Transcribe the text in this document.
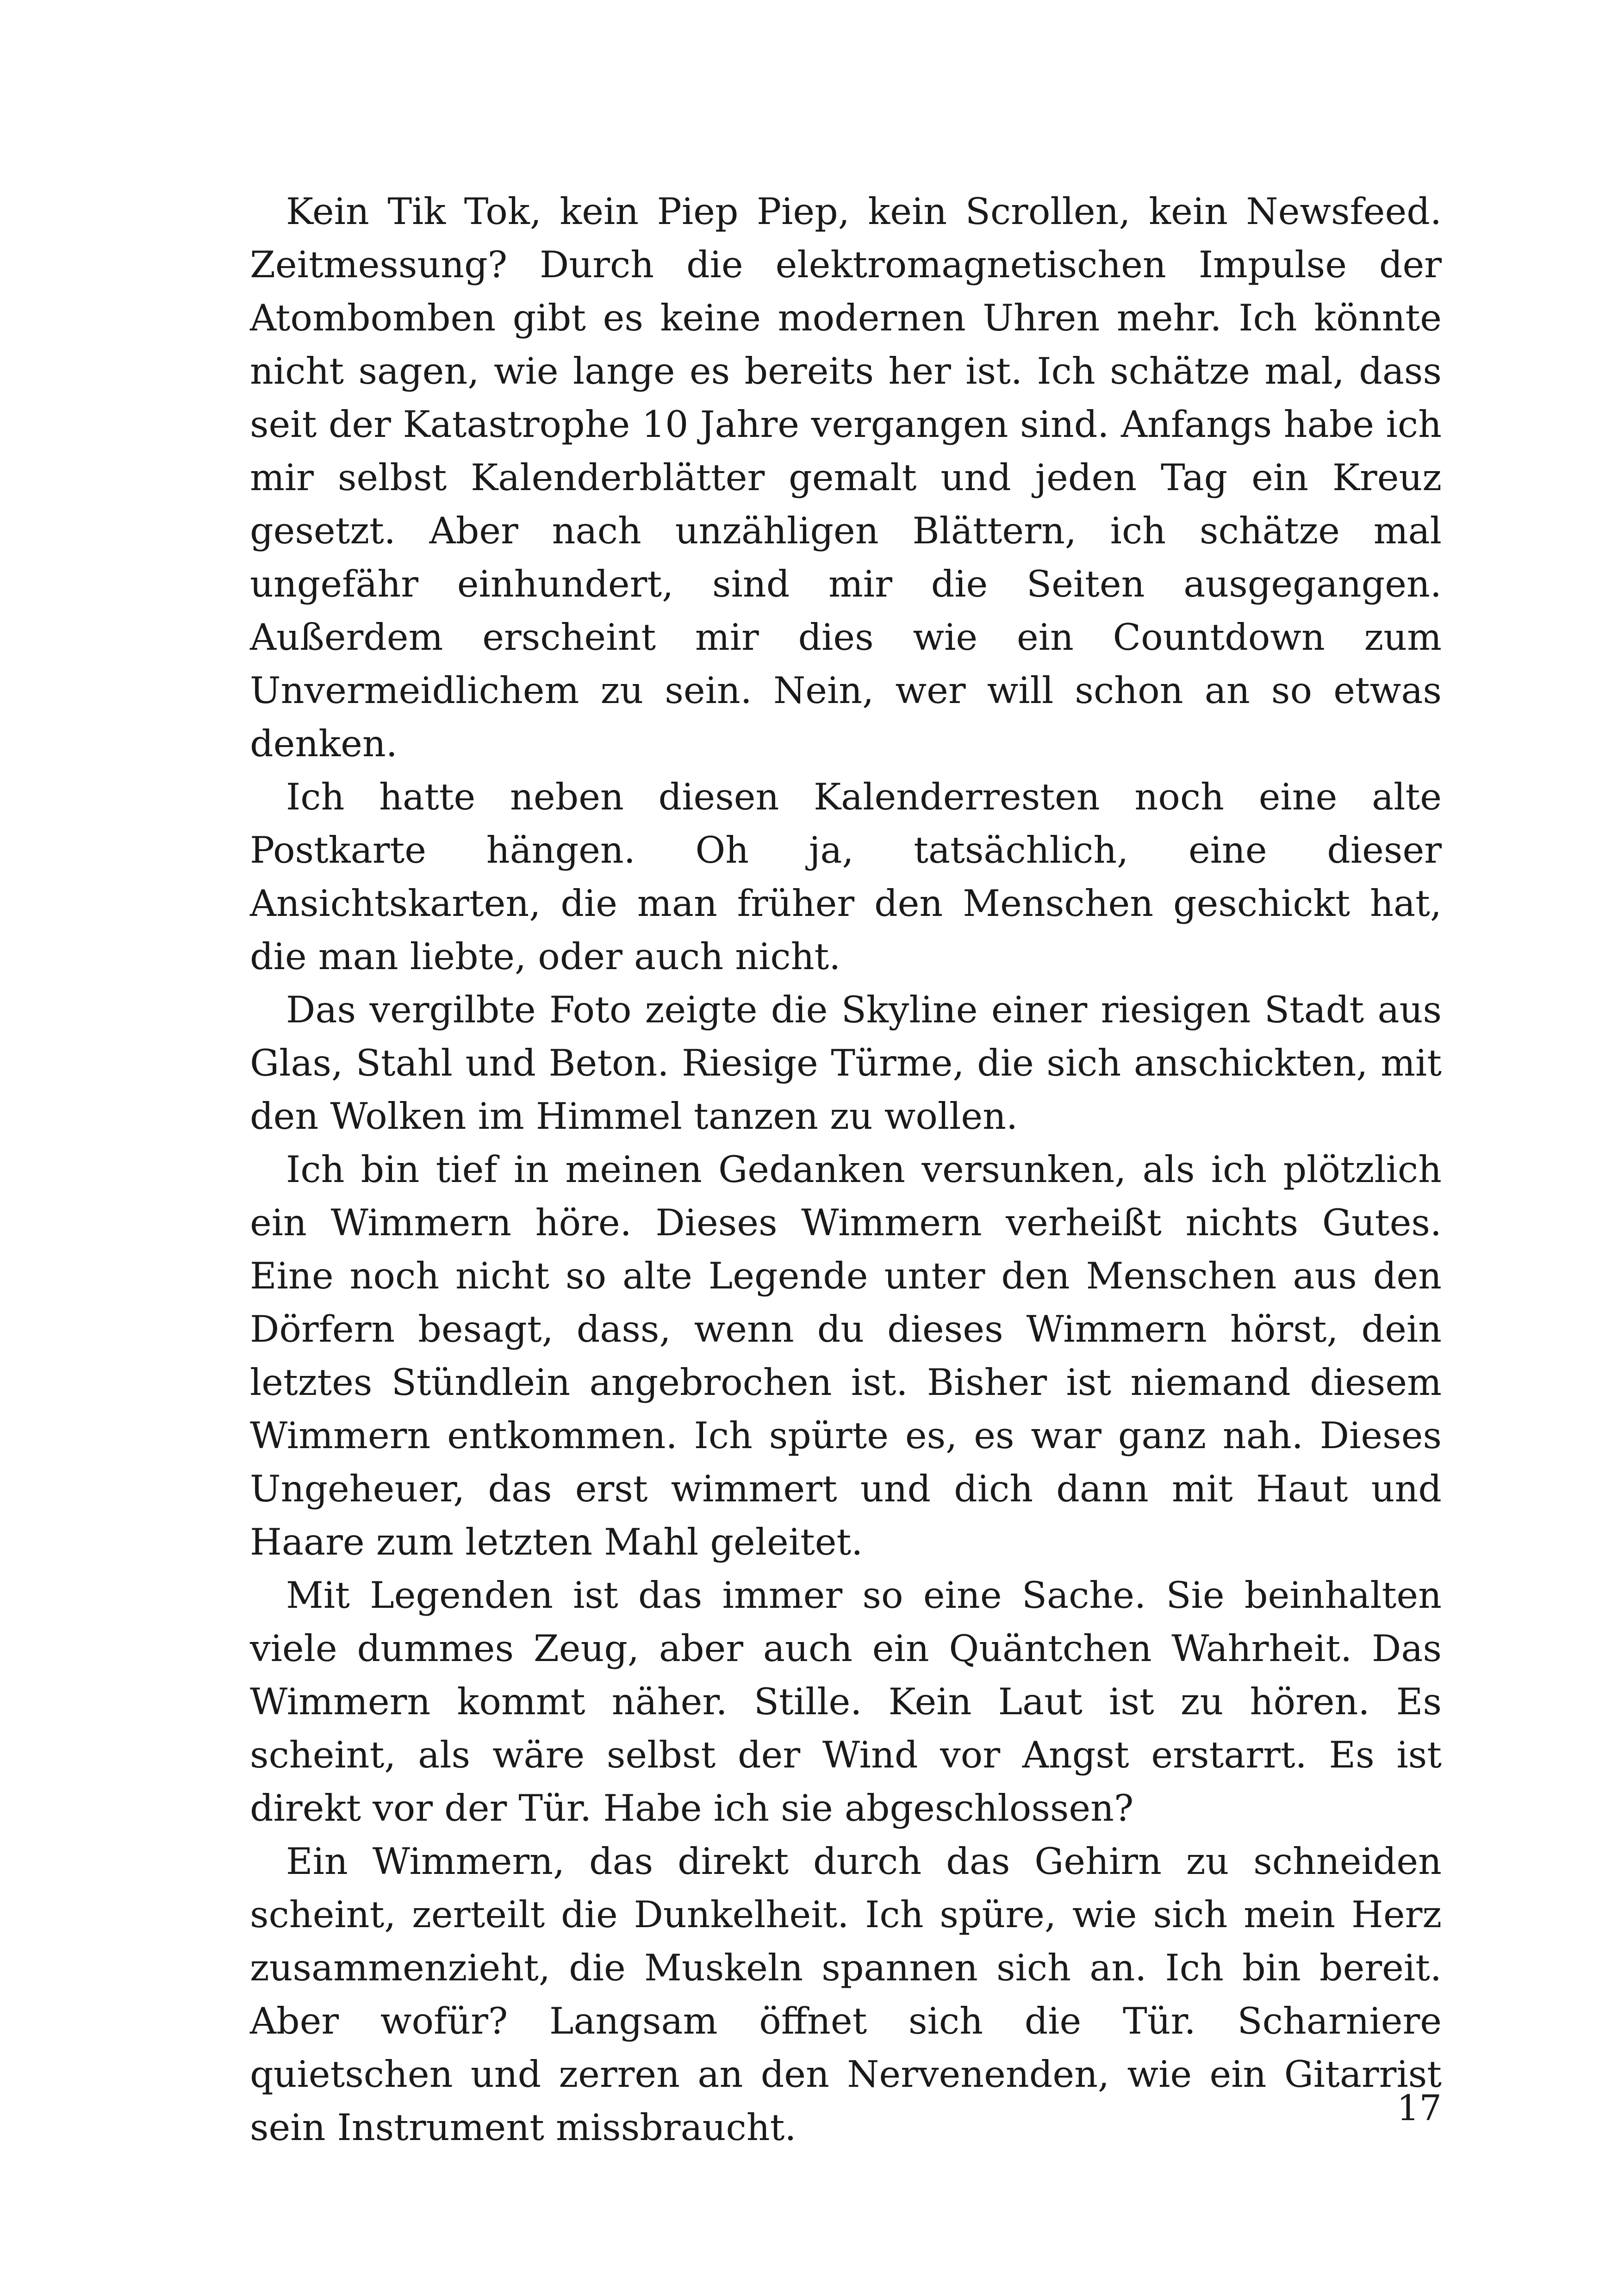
Kein Tik Tok, kein Piep Piep, kein Scrollen, kein Newsfeed. Zeitmessung? Durch die elektromagnetischen Impulse der Atombomben gibt es keine modernen Uhren mehr. Ich könnte nicht sagen, wie lange es bereits her ist. Ich schätze mal, dass seit der Katastrophe 10 Jahre vergangen sind. Anfangs habe ich mir selbst Kalenderblätter gemalt und jeden Tag ein Kreuz gesetzt. Aber nach unzähligen Blättern, ich schätze mal ungefähr einhundert, sind mir die Seiten ausgegangen. Außerdem erscheint mir dies wie ein Countdown zum Unvermeidlichem zu sein. Nein, wer will schon an so etwas denken.

Ich hatte neben diesen Kalenderresten noch eine alte Postkarte hängen. Oh ja, tatsächlich, eine dieser Ansichtskarten, die man früher den Menschen geschickt hat, die man liebte, oder auch nicht.

Das vergilbte Foto zeigte die Skyline einer riesigen Stadt aus Glas, Stahl und Beton. Riesige Türme, die sich anschickten, mit den Wolken im Himmel tanzen zu wollen.

Ich bin tief in meinen Gedanken versunken, als ich plötzlich ein Wimmern höre. Dieses Wimmern verheißt nichts Gutes. Eine noch nicht so alte Legende unter den Menschen aus den Dörfern besagt, dass, wenn du dieses Wimmern hörst, dein letztes Stündlein angebrochen ist. Bisher ist niemand diesem Wimmern entkommen. Ich spürte es, es war ganz nah. Dieses Ungeheuer, das erst wimmert und dich dann mit Haut und Haare zum letzten Mahl geleitet.

Mit Legenden ist das immer so eine Sache. Sie beinhalten viele dummes Zeug, aber auch ein Quäntchen Wahrheit. Das Wimmern kommt näher. Stille. Kein Laut ist zu hören. Es scheint, als wäre selbst der Wind vor Angst erstarrt. Es ist direkt vor der Tür. Habe ich sie abgeschlossen?

Ein Wimmern, das direkt durch das Gehirn zu schneiden scheint, zerteilt die Dunkelheit. Ich spüre, wie sich mein Herz zusammenzieht, die Muskeln spannen sich an. Ich bin bereit. Aber wofür? Langsam öffnet sich die Tür. Scharniere quietschen und zerren an den Nervenenden, wie ein Gitarrist sein Instrument missbraucht.	17
